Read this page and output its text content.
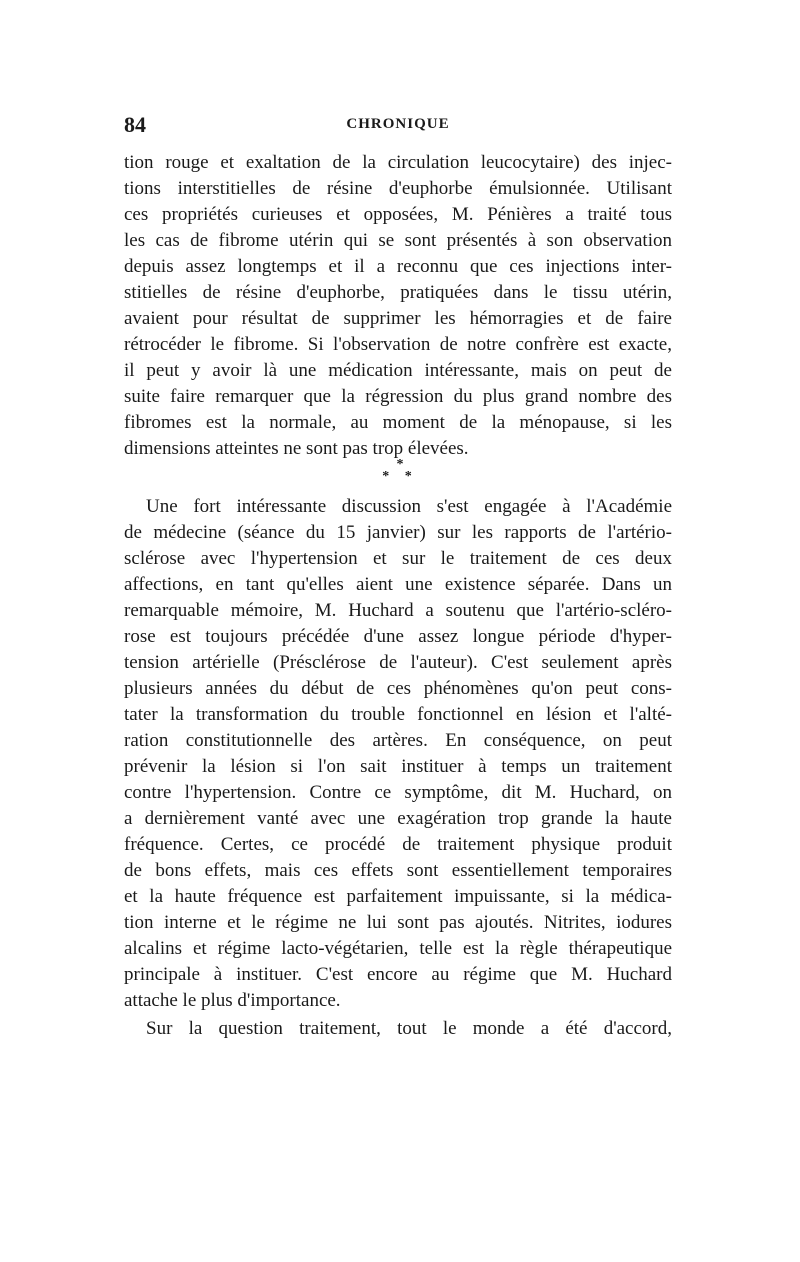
84	CHRONIQUE
tion rouge et exaltation de la circulation leucocytaire) des injec-
tions interstitielles de résine d'euphorbe émulsionnée. Utilisant
ces propriétés curieuses et opposées, M. Pénières a traité tous
les cas de fibrome utérin qui se sont présentés à son observation
depuis assez longtemps et il a reconnu que ces injections inter-
stitielles de résine d'euphorbe, pratiquées dans le tissu utérin,
avaient pour résultat de supprimer les hémorragies et de faire
rétrocéder le fibrome. Si l'observation de notre confrère est exacte,
il peut y avoir là une médication intéressante, mais on peut de
suite faire remarquer que la régression du plus grand nombre des
fibromes est la normale, au moment de la ménopause, si les
dimensions atteintes ne sont pas trop élevées.
*
* *
Une fort intéressante discussion s'est engagée à l'Académie
de médecine (séance du 15 janvier) sur les rapports de l'artério-
sclérose avec l'hypertension et sur le traitement de ces deux
affections, en tant qu'elles aient une existence séparée. Dans un
remarquable mémoire, M. Huchard a soutenu que l'artério-scléro-
rose est toujours précédée d'une assez longue période d'hyper-
tension artérielle (Présclérose de l'auteur). C'est seulement après
plusieurs années du début de ces phénomènes qu'on peut cons-
tater la transformation du trouble fonctionnel en lésion et l'alté-
ration constitutionnelle des artères. En conséquence, on peut
prévenir la lésion si l'on sait instituer à temps un traitement
contre l'hypertension. Contre ce symptôme, dit M. Huchard, on
a dernièrement vanté avec une exagération trop grande la haute
fréquence. Certes, ce procédé de traitement physique produit
de bons effets, mais ces effets sont essentiellement temporaires
et la haute fréquence est parfaitement impuissante, si la médica-
tion interne et le régime ne lui sont pas ajoutés. Nitrites, iodures
alcalins et régime lacto-végétarien, telle est la règle thérapeutique
principale à instituer. C'est encore au régime que M. Huchard
attache le plus d'importance.
Sur la question traitement, tout le monde a été d'accord,
